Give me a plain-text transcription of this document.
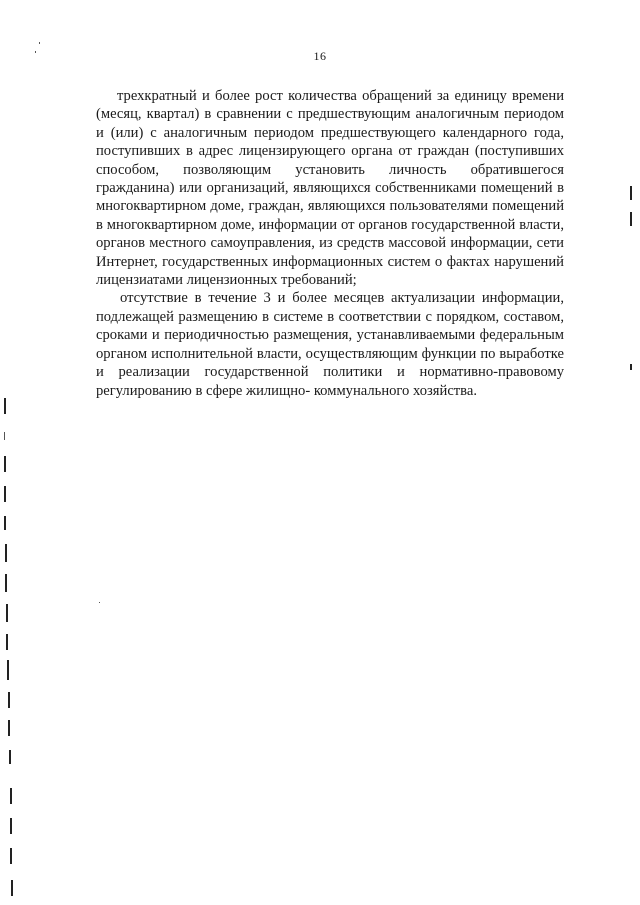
16

трехкратный и более рост количества обращений за единицу времени (месяц, квартал) в сравнении с предшествующим аналогичным периодом и (или) с аналогичным периодом предшествующего календарного года, поступивших в адрес лицензирующего органа от граждан (поступивших способом, позволяющим установить личность обратившегося гражданина) или организаций, являющихся собственниками помещений в многоквартирном доме, граждан, являющихся пользователями помещений в многоквартирном доме, информации от органов государственной власти, органов местного самоуправления, из средств массовой информации, сети Интернет, государственных информационных систем о фактах нарушений лицензиатами лицензионных требований;

отсутствие в течение 3 и более месяцев актуализации информации, подлежащей размещению в системе в соответствии с порядком, составом, сроками и периодичностью размещения, устанавливаемыми федеральным органом исполнительной власти, осуществляющим функции по выработке и реализации государственной политики и нормативно-правовому регулированию в сфере жилищно- коммунального хозяйства.
